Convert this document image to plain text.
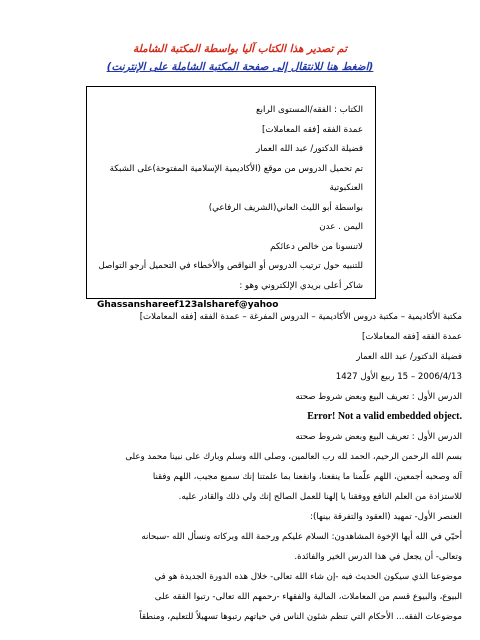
تم تصدير هذا الكتاب آليا بواسطة المكتبة الشاملة
(اضغط هنا للانتقال إلى صفحة المكتبة الشاملة على الإنترنت)
الكتاب : الفقه/المستوى الرابع
عمدة الفقه [فقه المعاملات]
فضيلة الدكتور/ عبد الله العمار
تم تحميل الدروس من موقع (الأكاديمية الإسلامية المفتوحة)على الشبكة
العنكبوتية
بواسطة أبو الليث العاني(الشريف الرفاعي)
اليمن . عدن
لاتنسونا من خالص دعائكم
للتنبيه حول ترتيب الدروس أو النواقص والأخطاء في التحميل أرجو التواصل
شاكر أعلى بريدي الإلكتروني وهو :
Ghassanshareef123alsharef@yahoo
مكتبة الأكاديمية – مكتبة دروس الأكاديمية – الدروس المفرغة – عمدة الفقه [فقه المعاملات]
عمدة الفقه [فقه المعاملات]
فضيلة الدكتور/ عبد الله العمار
2006/4/13 – 15 ربيع الأول 1427
الدرس الأول : تعريف البيع وبعض شروط صحته
Error! Not a valid embedded object.
الدرس الأول : تعريف البيع وبعض شروط صحته
بسم الله الرحمن الرحيم، الحمد لله رب العالمين، وصلى الله وسلم وبارك على نبينا محمد وعلى
آله وصحبه أجمعين، اللهم علّمنا ما ينفعنا، وانفعنا بما علمتنا إنك سميع مجيب، اللهم وفقنا
للاستزادة من العلم النافع ووفقنا يا إلهنا للعمل الصالح إنك ولي ذلك والقادر عليه.
العنصر الأول- تمهيد (العقود والتفرقة بينها):
أحيّي في الله أيها الإخوة المشاهدون: السلام عليكم ورحمة الله وبركاته ونسأل الله -سبحانه
وتعالى- أن يجعل في هذا الدرس الخير والفائدة.
موضوعنا الذي سيكون الحديث فيه -إن شاء الله تعالى- خلال هذه الدورة الجديدة هو في
البيوع، والبيوع قسم من المعاملات، المالية والفقهاء -رحمهم الله تعالى- رتبوا الفقه على
موضوعات الفقه... الأحكام التي تنظم شئون الناس في حياتهم رتبوها تسهيلاً للتعليم، ومنطقاً
